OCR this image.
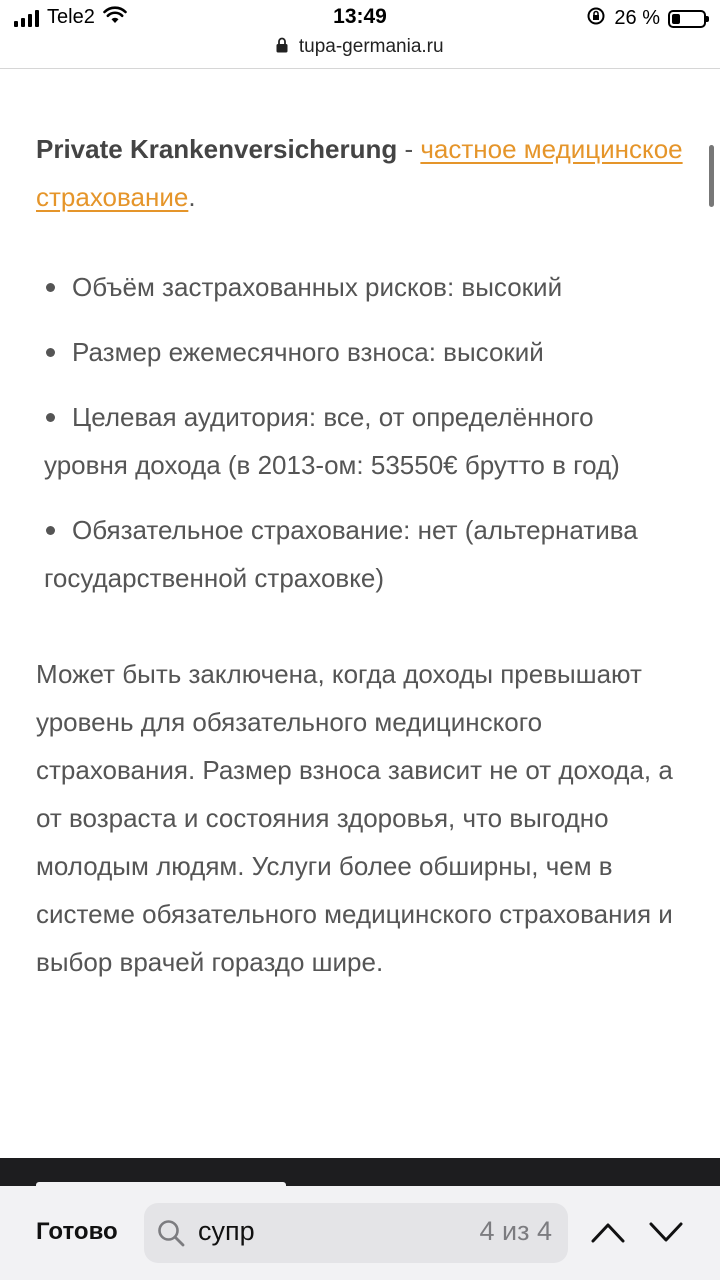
Tele2	13:49	26 %
tupa-germania.ru

Private Krankenversicherung - частное медицинское страхование.

Объём застрахованных рисков: высокий
Размер ежемесячного взноса: высокий
Целевая аудитория: все, от определённого уровня дохода (в 2013-ом: 53550€ брутто в год)
Обязательное страхование: нет (альтернатива государственной страховке)

Может быть заключена, когда доходы превышают уровень для обязательного медицинского страхования. Размер взноса зависит не от дохода, а от возраста и состояния здоровья, что выгодно молодым людям. Услуги более обширны, чем в системе обязательного медицинского страхования и выбор врачей гораздо шире.

Готово	супр	4 из 4
